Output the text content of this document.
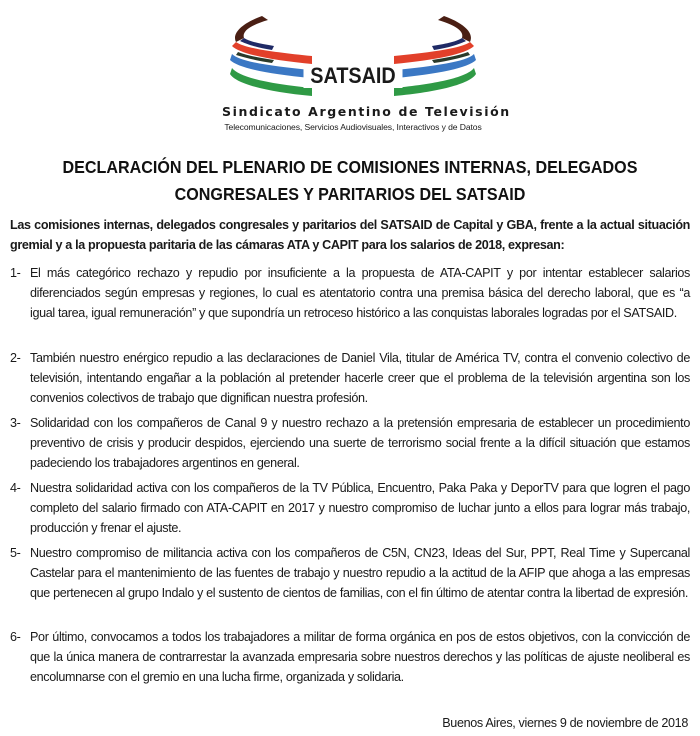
SATSAID
Sindicato Argentino de Televisión
Telecomunicaciones, Servicios Audiovisuales, Interactivos y de Datos
DECLARACIÓN DEL PLENARIO DE COMISIONES INTERNAS, DELEGADOS
CONGRESALES Y PARITARIOS DEL SATSAID

Las comisiones internas, delegados congresales y paritarios del SATSAID de Capital y GBA, frente a la actual situación gremial y a la propuesta paritaria de las cámaras ATA y CAPIT para los salarios de 2018, expresan:

1- El más categórico rechazo y repudio por insuficiente a la propuesta de ATA-CAPIT y por intentar establecer salarios diferenciados según empresas y regiones, lo cual es atentatorio contra una premisa básica del derecho laboral, que es “a igual tarea, igual remuneración” y que supondría un retroceso histórico a las conquistas laborales logradas por el SATSAID.

2- También nuestro enérgico repudio a las declaraciones de Daniel Vila, titular de América TV, contra el convenio colectivo de televisión, intentando engañar a la población al pretender hacerle creer que el problema de la televisión argentina son los convenios colectivos de trabajo que dignifican nuestra profesión.

3- Solidaridad con los compañeros de Canal 9 y nuestro rechazo a la pretensión empresaria de establecer un procedimiento preventivo de crisis y producir despidos, ejerciendo una suerte de terrorismo social frente a la difícil situación que estamos padeciendo los trabajadores argentinos en general.

4- Nuestra solidaridad activa con los compañeros de la TV Pública, Encuentro, Paka Paka y DeporTV para que logren el pago completo del salario firmado con ATA-CAPIT en 2017 y nuestro compromiso de luchar junto a ellos para lograr más trabajo, producción y frenar el ajuste.

5- Nuestro compromiso de militancia activa con los compañeros de C5N, CN23, Ideas del Sur, PPT, Real Time y Supercanal Castelar para el mantenimiento de las fuentes de trabajo y nuestro repudio a la actitud de la AFIP que ahoga a las empresas que pertenecen al grupo Indalo y el sustento de cientos de familias, con el fin último de atentar contra la libertad de expresión.

6- Por último, convocamos a todos los trabajadores a militar de forma orgánica en pos de estos objetivos, con la convicción de que la única manera de contrarrestar la avanzada empresaria sobre nuestros derechos y las políticas de ajuste neoliberal es encolumnarse con el gremio en una lucha firme, organizada y solidaria.

Buenos Aires, viernes 9 de noviembre de 2018
